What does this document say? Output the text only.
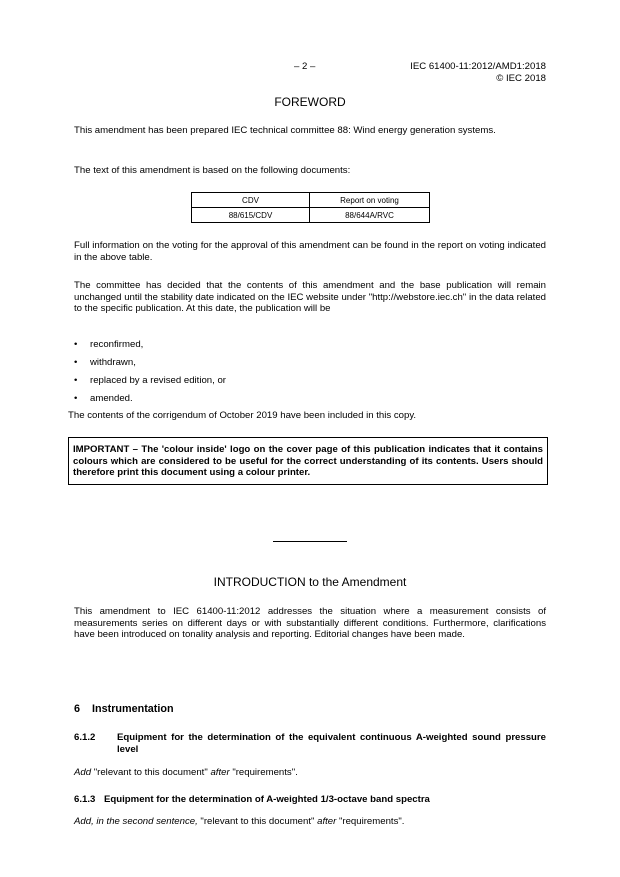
– 2 –	IEC 61400-11:2012/AMD1:2018
© IEC 2018
FOREWORD
This amendment has been prepared IEC technical committee 88: Wind energy generation systems.
The text of this amendment is based on the following documents:
CDV	Report on voting
88/615/CDV	88/644A/RVC
Full information on the voting for the approval of this amendment can be found in the report on voting indicated in the above table.
The committee has decided that the contents of this amendment and the base publication will remain unchanged until the stability date indicated on the IEC website under "http://webstore.iec.ch" in the data related to the specific publication. At this date, the publication will be
• reconfirmed,
• withdrawn,
• replaced by a revised edition, or
• amended.
The contents of the corrigendum of October 2019 have been included in this copy.
IMPORTANT – The 'colour inside' logo on the cover page of this publication indicates that it contains colours which are considered to be useful for the correct understanding of its contents. Users should therefore print this document using a colour printer.
INTRODUCTION to the Amendment
This amendment to IEC 61400-11:2012 addresses the situation where a measurement consists of measurements series on different days or with substantially different conditions. Furthermore, clarifications have been introduced on tonality analysis and reporting. Editorial changes have been made.
6 Instrumentation
6.1.2 Equipment for the determination of the equivalent continuous A-weighted sound pressure level
Add "relevant to this document" after "requirements".
6.1.3 Equipment for the determination of A-weighted 1/3-octave band spectra
Add, in the second sentence, "relevant to this document" after "requirements".
